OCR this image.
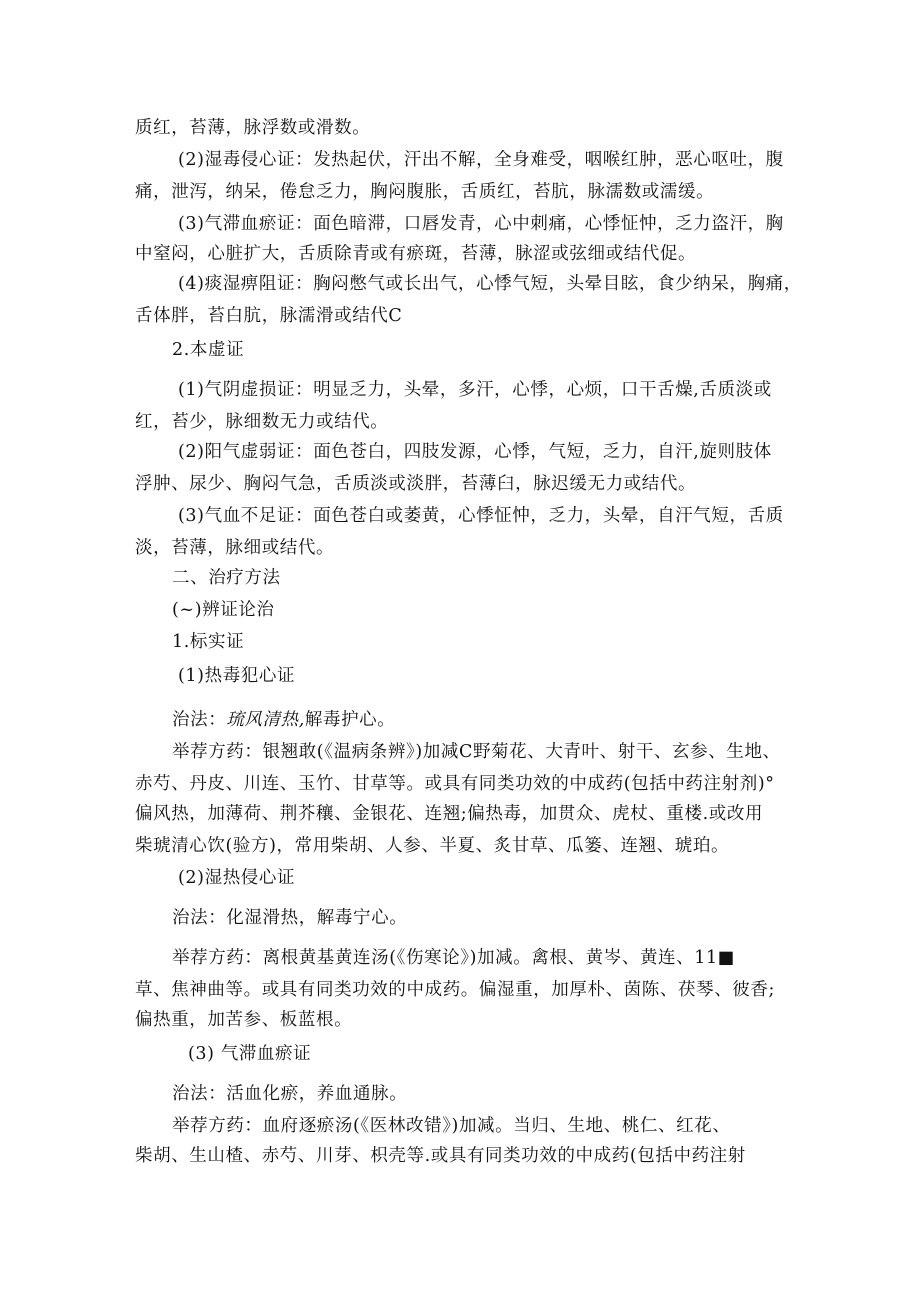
质红，苔薄，脉浮数或滑数。
(2)湿毒侵心证：发热起伏，汗出不解，全身难受，咽喉红肿，恶心呕吐，腹
痛，泄泻，纳呆，倦怠乏力，胸闷腹胀，舌质红，苔肮，脉濡数或濡缓。
(3)气滞血瘀证：面色暗滞，口唇发青，心中刺痛，心悸怔忡，乏力盗汗，胸
中窒闷，心脏扩大，舌质除青或有瘀斑，苔薄，脉涩或弦细或结代促。
(4)痰湿痹阻证：胸闷憋气或长出气，心悸气短，头晕目眩，食少纳呆，胸痛，
舌体胖，苔白肮，脉濡滑或结代C
2.本虚证
(1)气阴虚损证：明显乏力，头晕，多汗，心悸，心烦，口干舌燥,舌质淡或
红，苔少，脉细数无力或结代。
(2)阳气虚弱证：面色苍白，四肢发源，心悸，气短，乏力，自汗,旋则肢体
浮肿、尿少、胸闷气急，舌质淡或淡胖，苔薄臼，脉迟缓无力或结代。
(3)气血不足证：面色苍白或萎黄，心悸怔忡，乏力，头晕，自汗气短，舌质
淡，苔薄，脉细或结代。
二、治疗方法
(~)辨证论治
1.标实证
(1)热毒犯心证
治法：琉风清热,解毒护心。
举荐方药：银翘敢(《温病条辨》)加减C野菊花、大青叶、射干、玄参、生地、
赤芍、丹皮、川连、玉竹、甘草等。或具有同类功效的中成药(包括中药注射剂)°
偏风热，加薄荷、荆芥穰、金银花、连翘;偏热毒，加贯众、虎杖、重楼.或改用
柴琥清心饮(验方)，常用柴胡、人参、半夏、炙甘草、瓜篓、连翘、琥珀。
(2)湿热侵心证
治法：化湿滑热，解毒宁心。
举荐方药：离根黄基黄连汤(《伤寒论》)加减。禽根、黄岑、黄连、11■
草、焦神曲等。或具有同类功效的中成药。偏湿重，加厚朴、茵陈、茯琴、彼香;
偏热重，加苦参、板蓝根。
(3) 气滞血瘀证
治法：活血化瘀，养血通脉。
举荐方药：血府逐瘀汤(《医林改错》)加减。当归、生地、桃仁、红花、
柴胡、生山楂、赤芍、川芽、枳壳等.或具有同类功效的中成药(包括中药注射
